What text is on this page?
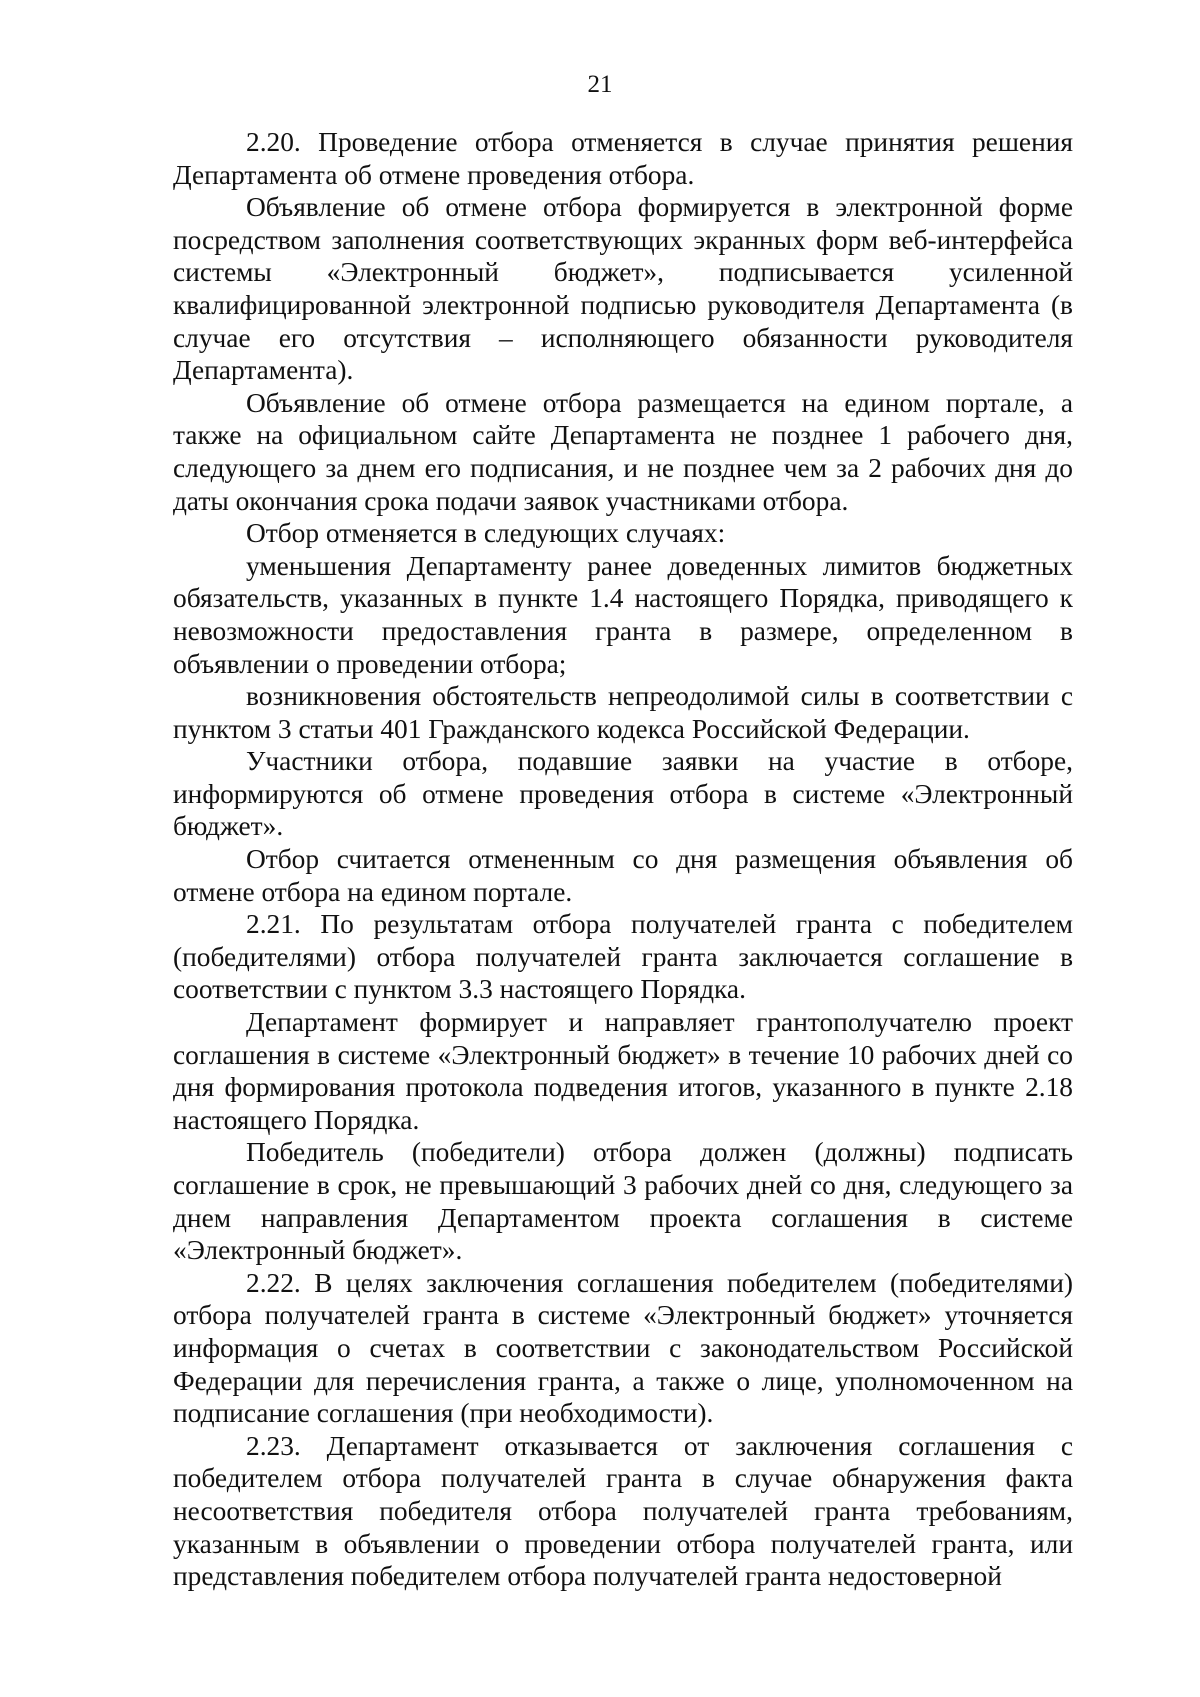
21

2.20. Проведение отбора отменяется в случае принятия решения Департамента об отмене проведения отбора.

Объявление об отмене отбора формируется в электронной форме посредством заполнения соответствующих экранных форм веб-интерфейса системы «Электронный бюджет», подписывается усиленной квалифицированной электронной подписью руководителя Департамента (в случае его отсутствия – исполняющего обязанности руководителя Департамента).

Объявление об отмене отбора размещается на едином портале, а также на официальном сайте Департамента не позднее 1 рабочего дня, следующего за днем его подписания, и не позднее чем за 2 рабочих дня до даты окончания срока подачи заявок участниками отбора.

Отбор отменяется в следующих случаях:

уменьшения Департаменту ранее доведенных лимитов бюджетных обязательств, указанных в пункте 1.4 настоящего Порядка, приводящего к невозможности предоставления гранта в размере, определенном в объявлении о проведении отбора;

возникновения обстоятельств непреодолимой силы в соответствии с пунктом 3 статьи 401 Гражданского кодекса Российской Федерации.

Участники отбора, подавшие заявки на участие в отборе, информируются об отмене проведения отбора в системе «Электронный бюджет».

Отбор считается отмененным со дня размещения объявления об отмене отбора на едином портале.

2.21. По результатам отбора получателей гранта с победителем (победителями) отбора получателей гранта заключается соглашение в соответствии с пунктом 3.3 настоящего Порядка.

Департамент формирует и направляет грантополучателю проект соглашения в системе «Электронный бюджет» в течение 10 рабочих дней со дня формирования протокола подведения итогов, указанного в пункте 2.18 настоящего Порядка.

Победитель (победители) отбора должен (должны) подписать соглашение в срок, не превышающий 3 рабочих дней со дня, следующего за днем направления Департаментом проекта соглашения в системе «Электронный бюджет».

2.22. В целях заключения соглашения победителем (победителями) отбора получателей гранта в системе «Электронный бюджет» уточняется информация о счетах в соответствии с законодательством Российской Федерации для перечисления гранта, а также о лице, уполномоченном на подписание соглашения (при необходимости).

2.23. Департамент отказывается от заключения соглашения с победителем отбора получателей гранта в случае обнаружения факта несоответствия победителя отбора получателей гранта требованиям, указанным в объявлении о проведении отбора получателей гранта, или представления победителем отбора получателей гранта недостоверной
